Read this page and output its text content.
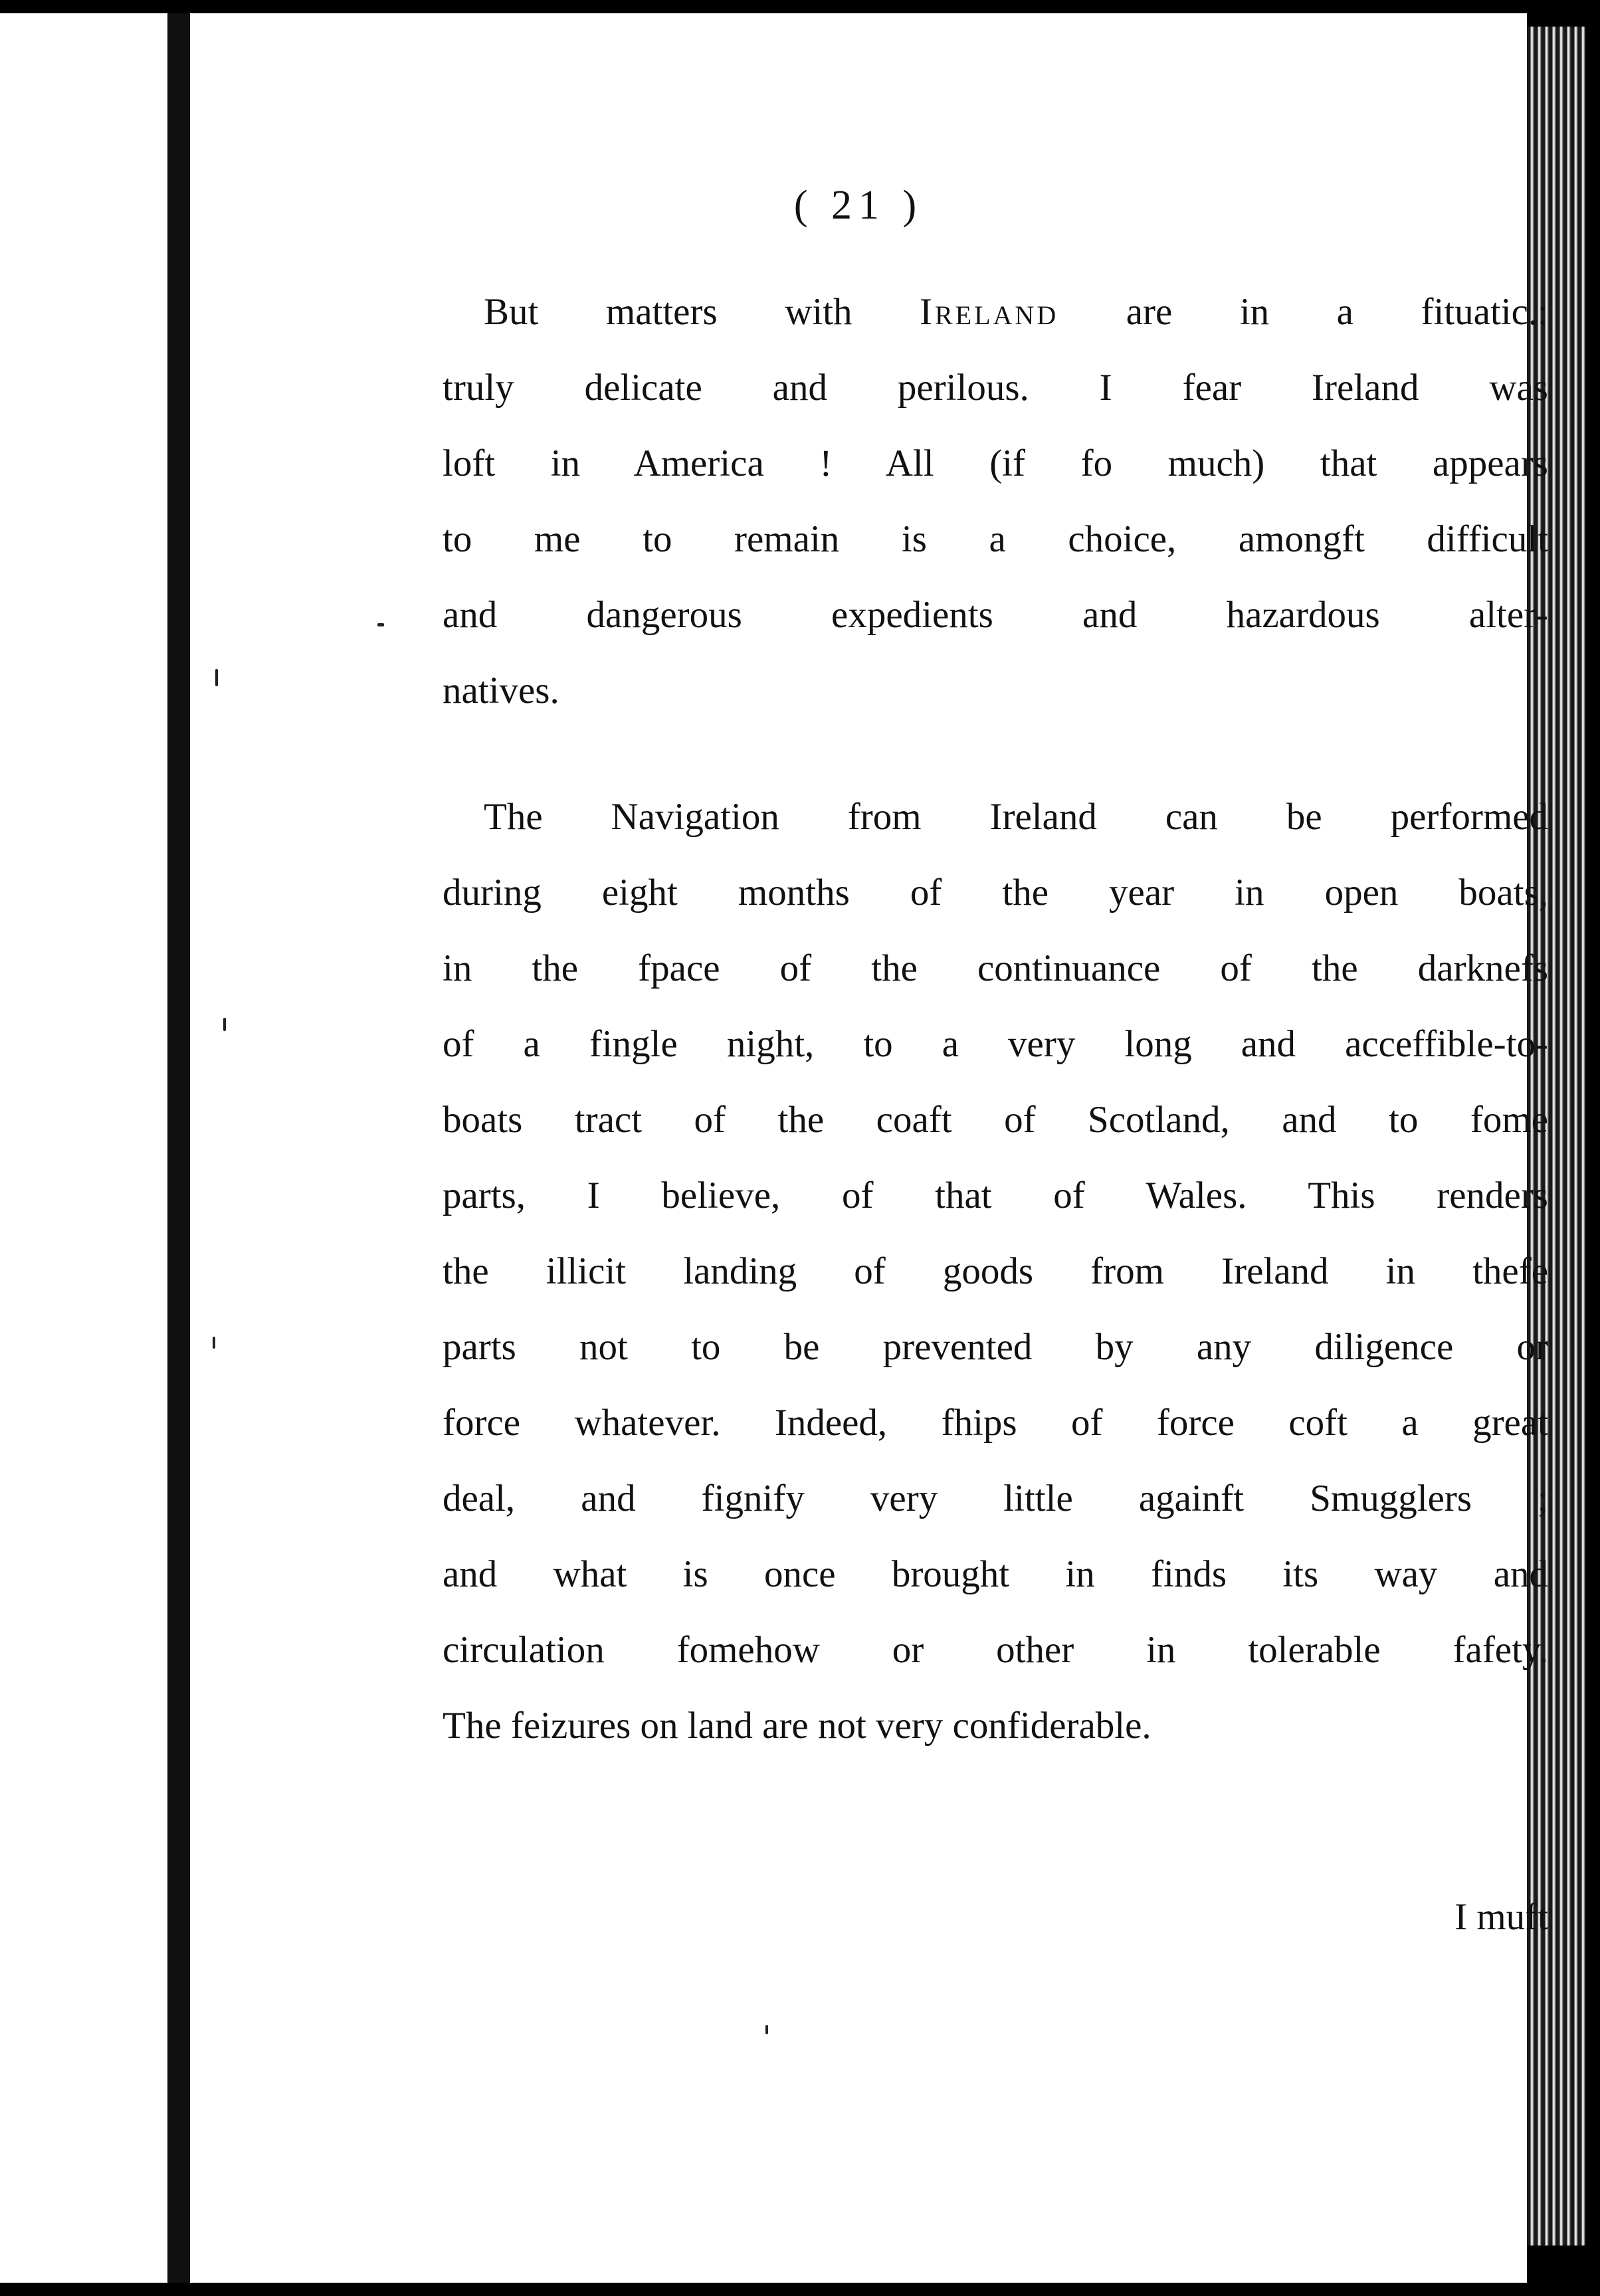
( 21 )
But matters with Ireland are in a fituatic.:
truly delicate and perilous. I fear Ireland was
loft in America ! All (if fo much) that appears
to me to remain is a choice, amongft difficult
and dangerous expedients and hazardous alter-
natives.
The Navigation from Ireland can be performed
during eight months of the year in open boats,
in the fpace of the continuance of the darknefs
of a fingle night, to a very long and acceffible-to-
boats tract of the coaft of Scotland, and to fome
parts, I believe, of that of Wales. This renders
the illicit landing of goods from Ireland in thefe
parts not to be prevented by any diligence or
force whatever. Indeed, fhips of force coft a great
deal, and fignify very little againft Smugglers ;
and what is once brought in finds its way and
circulation fomehow or other in tolerable fafety.
The feizures on land are not very confiderable.
I muft
